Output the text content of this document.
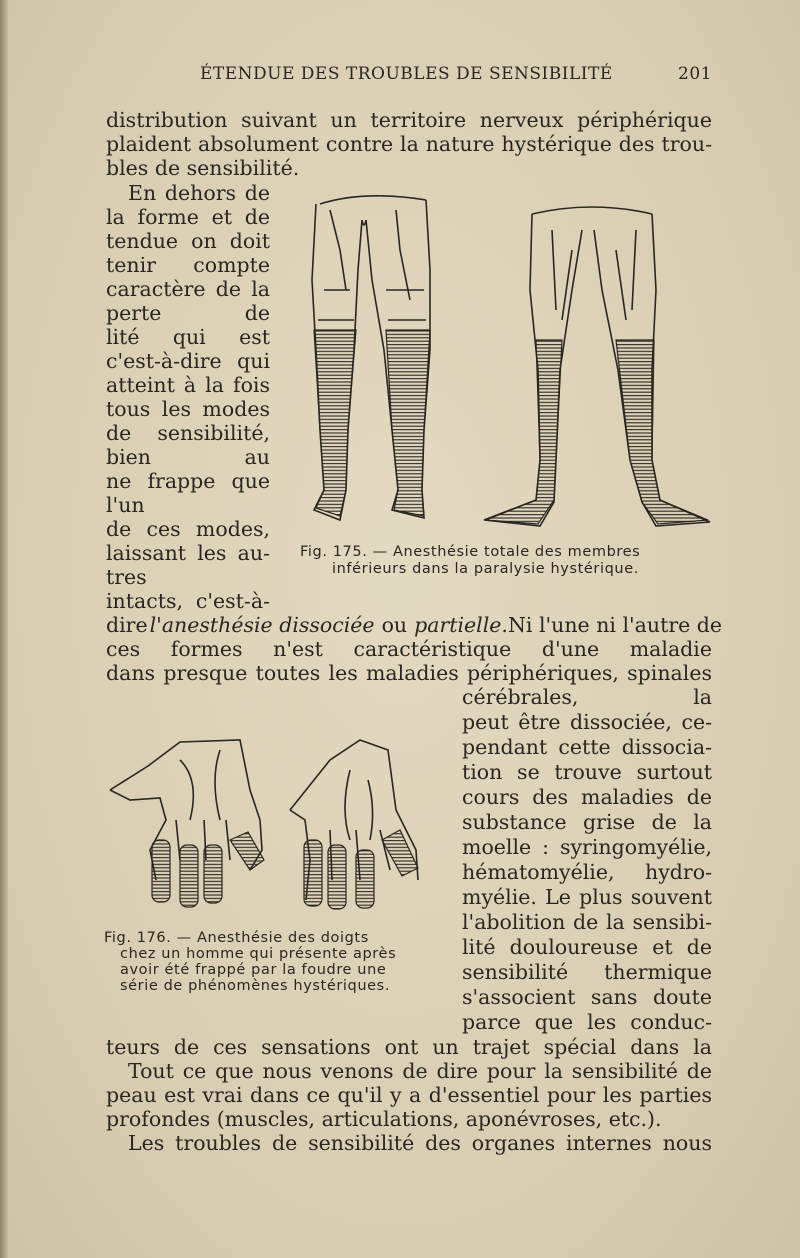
ÉTENDUE DES TROUBLES DE SENSIBILITÉ	201
distribution suivant un territoire nerveux périphérique
plaident absolument contre la nature hystérique des trou-
bles de sensibilité.
En dehors de
la forme et de
tendue on doit
tenir compte
caractère de la
perte de
lité qui est
c'est-à-dire qui
atteint à la fois
tous les modes
de sensibilité,
bien au
ne frappe que
l'un
de ces modes,
laissant les au-
tres
intacts, c'est-à-
dire l'anesthésie dissociée ou partielle. Ni l'une ni l'autre de
ces formes n'est caractéristique d'une maladie
dans presque toutes les maladies périphériques, spinales
cérébrales, la
peut être dissociée, ce-
pendant cette dissocia-
tion se trouve surtout
cours des maladies de
substance grise de la
moelle : syringomyélie,
hématomyélie, hydro-
myélie. Le plus souvent
l'abolition de la sensibi-
lité douloureuse et de
sensibilité thermique
s'associent sans doute
parce que les conduc-
teurs de ces sensations ont un trajet spécial dans la
Tout ce que nous venons de dire pour la sensibilité de
peau est vrai dans ce qu'il y a d'essentiel pour les parties
profondes (muscles, articulations, aponévroses, etc.).
Les troubles de sensibilité des organes internes nous
Fig. 175. — Anesthésie totale des membres
inférieurs dans la paralysie hystérique.
Fig. 176. — Anesthésie des doigts
chez un homme qui présente après
avoir été frappé par la foudre une
série de phénomènes hystériques.
